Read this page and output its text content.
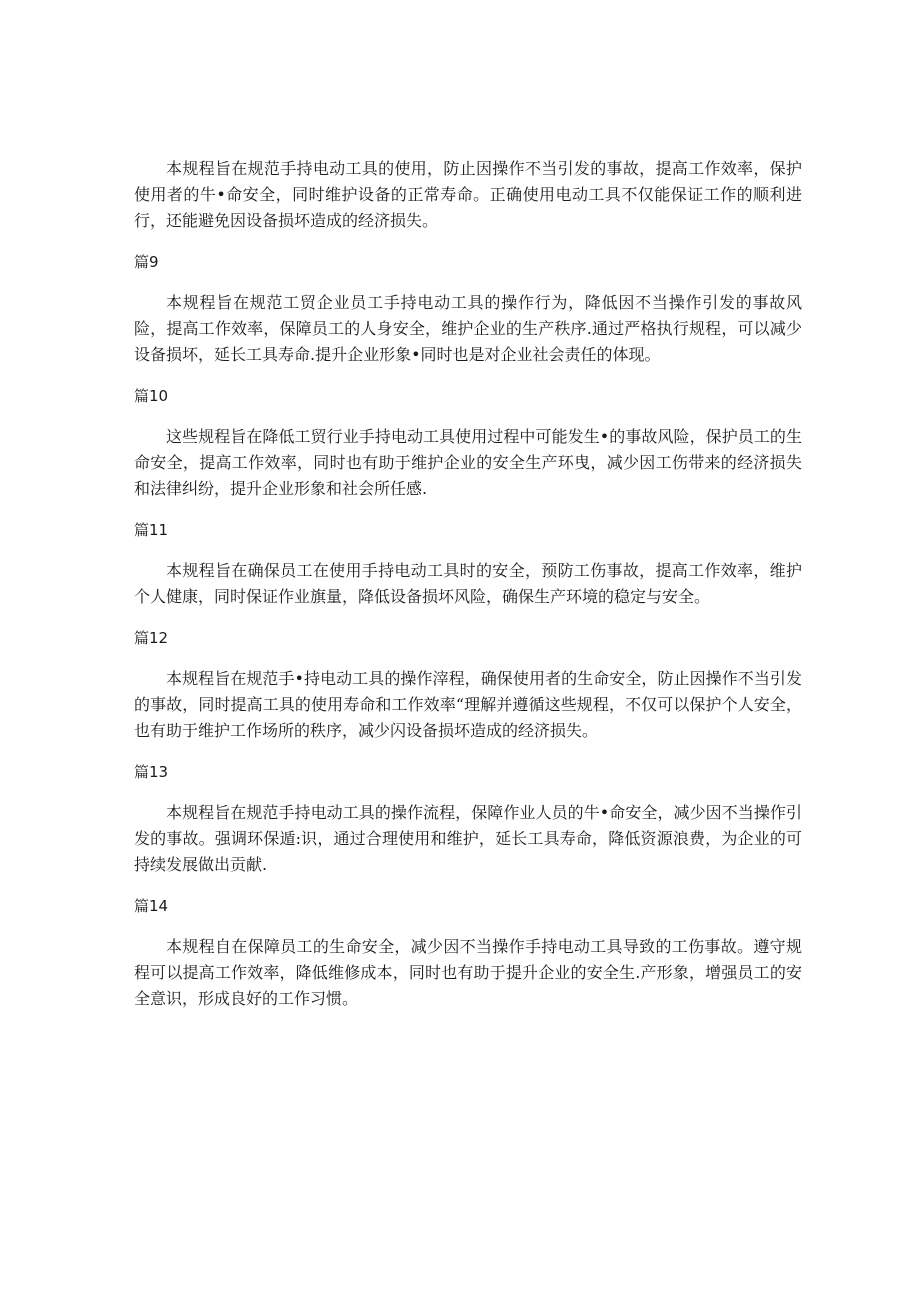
本规程旨在规范手持电动工具的使用，防止因操作不当引发的事故，提高工作效率，保护使用者的牛•命安全，同时维护设备的正常寿命。正确使用电动工具不仅能保证工作的顺利进行，还能避免因设备损坏造成的经济损失。

篇9

本规程旨在规范工贸企业员工手持电动工具的操作行为，降低因不当操作引发的事故风险，提高工作效率，保障员工的人身安全，维护企业的生产秩序.通过严格执行规程，可以减少设备损坏，延长工具寿命.提升企业形象•同时也是对企业社会责任的体现。

篇10

这些规程旨在降低工贸行业手持电动工具使用过程中可能发生•的事故风险，保护员工的生命安全，提高工作效率，同时也有助于维护企业的安全生产环曳，减少因工伤带来的经济损失和法律纠纷，提升企业形象和社会所任感.

篇11

本规程旨在确保员工在使用手持电动工具时的安全，预防工伤事故，提高工作效率，维护个人健康，同时保证作业旗量，降低设备损坏风险，确保生产环境的稳定与安全。

篇12

本规程旨在规范手•持电动工具的操作滓程，确保使用者的生命安全，防止因操作不当引发的事故，同时提高工具的使用寿命和工作效率“理解并遵循这些规程，不仅可以保护个人安全，也有助于维护工作场所的秩序，减少闪设备损坏造成的经济损失。

篇13

本规程旨在规范手持电动工具的操作流程，保障作业人员的牛•命安全，减少因不当操作引发的事故。强调环保遁:识，通过合理使用和维护，延长工具寿命，降低资源浪费，为企业的可持续发展做出贡献.

篇14

本规程自在保障员工的生命安全，减少因不当操作手持电动工具导致的工伤事故。遵守规程可以提高工作效率，降低维修成本，同时也有助于提升企业的安全生.产形象，增强员工的安全意识，形成良好的工作习惯。
